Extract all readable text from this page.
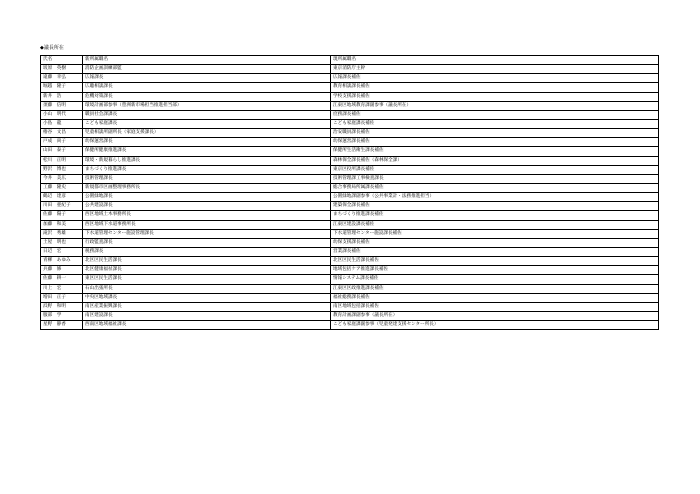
◆議長所在
氏名	新所属職名	現所属職名
坂原　英樹	消防企画訓練部監	東京消防庁主幹
遠藤　幸弘	広報課長	広報課長補佐
堀越　隆子	広聴相談課長	教育相談課長補佐
新井　浩	危機対策課長	学校支援課長補佐
須藤　信明	環境計画部参事（豊洲新市場担当推進担当部）	江東区地域教育課副参事（議長所在）
小山　明代	職員社会課課長	庶務課長補佐
小島　龍	こども家庭課長	こども家庭課長補佐
椿谷　文昌	児童相談所副所長（家庭支援課長）	治安職員課長補佐
戸成　尚子	幼保運営課長	幼保運営課長補佐
山田　泰子	保健所健康推進課長	保健所生活衛生課長補佐
松川　正明	環境・新規暮らし推進課長	森林保全課長補佐（森林保全課）
野沢　博也	まちづくり推進課長	東京区役所課長補佐
今井　美広	技術管理課長	技術管理課工事検査課長
工藤　隆史	新規都市区画整理事務所長	総合事務局所属課長補佐
鶴辺　達彦	公園緑地課長	公園緑地課副参事（公共事業計・法務推進担当）
川田　亜紀子	公共建設課長	建築保全課長補佐
佐藤　陽子	西区地域土木事務所長	まちづくり推進課長補佐
加藤　和美	西区地域下水道事務所長	江東区建設課長補佐
滝沢　秀雄	下水道管理センター施設管理課長	下水道管理センター施設課長補佐
土屋　明也	行政監査課長	幼保支援課長補佐
日辺　宏	税務課長	営業課長補佐
青柳　あゆみ	北区区民生活課長	北区区民生活課長補佐
兵藤　修	北区健康福祉課長	地域包括ケア推進課長補佐
佐藤　耕一	東区区民生活課長	情報システム課長補佐
川上　宏	石山出張所長	江東区区政推進課長補佐
増田　正子	中央区地域課長	福祉総務課長補佐
浜野　和明	南区産業振興課長	南区地域包括課長補佐
服部　学	南区建設課長	教育計画課副参事（議長所在）
星野　静香	西南区地域福祉課長	こども家庭課副参事（児童発達支援センター所長）
